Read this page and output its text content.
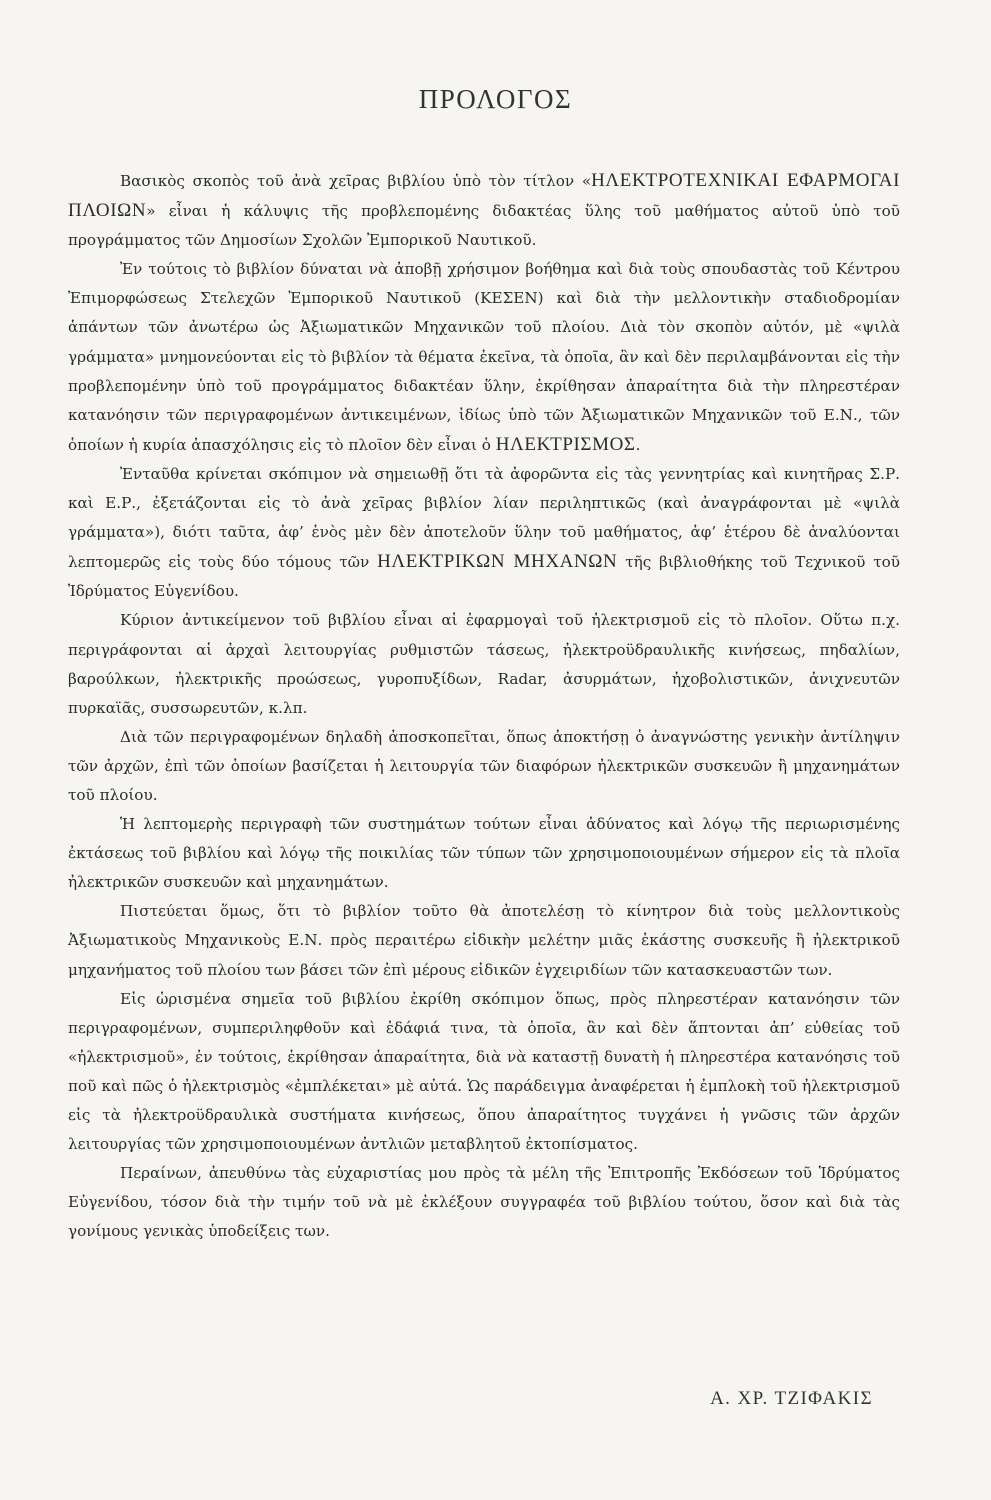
ΠΡΟΛΟΓΟΣ

Βασικὸς σκοπὸς τοῦ ἀνὰ χεῖρας βιβλίου ὑπὸ τὸν τίτλον «ΗΛΕΚΤΡΟΤΕΧΝΙΚΑΙ ΕΦΑΡΜΟΓΑΙ ΠΛΟΙΩΝ» εἶναι ἡ κάλυψις τῆς προβλεπομένης διδακτέας ὕλης τοῦ μαθήματος αὐτοῦ ὑπὸ τοῦ προγράμματος τῶν Δημοσίων Σχολῶν Ἐμπορικοῦ Ναυτικοῦ.

Ἐν τούτοις τὸ βιβλίον δύναται νὰ ἀποβῇ χρήσιμον βοήθημα καὶ διὰ τοὺς σπουδαστὰς τοῦ Κέντρου Ἐπιμορφώσεως Στελεχῶν Ἐμπορικοῦ Ναυτικοῦ (ΚΕΣΕΝ) καὶ διὰ τὴν μελλοντικὴν σταδιοδρομίαν ἁπάντων τῶν ἀνωτέρω ὡς Ἀξιωματικῶν Μηχανικῶν τοῦ πλοίου. Διὰ τὸν σκοπὸν αὐτόν, μὲ «ψιλὰ γράμματα» μνημονεύονται εἰς τὸ βιβλίον τὰ θέματα ἐκεῖνα, τὰ ὁποῖα, ἂν καὶ δὲν περιλαμβάνονται εἰς τὴν προβλεπομένην ὑπὸ τοῦ προγράμματος διδακτέαν ὕλην, ἐκρίθησαν ἀπαραίτητα διὰ τὴν πληρεστέραν κατανόησιν τῶν περιγραφομένων ἀντικειμένων, ἰδίως ὑπὸ τῶν Ἀξιωματικῶν Μηχανικῶν τοῦ Ε.Ν., τῶν ὁποίων ἡ κυρία ἀπασχόλησις εἰς τὸ πλοῖον δὲν εἶναι ὁ ΗΛΕΚΤΡΙΣΜΟΣ.

Ἐνταῦθα κρίνεται σκόπιμον νὰ σημειωθῇ ὅτι τὰ ἀφορῶντα εἰς τὰς γεννητρίας καὶ κινητῆρας Σ.Ρ. καὶ Ε.Ρ., ἐξετάζονται εἰς τὸ ἀνὰ χεῖρας βιβλίον λίαν περιληπτικῶς (καὶ ἀναγράφονται μὲ «ψιλὰ γράμματα»), διότι ταῦτα, ἀφ’ ἑνὸς μὲν δὲν ἀποτελοῦν ὕλην τοῦ μαθήματος, ἀφ’ ἑτέρου δὲ ἀναλύονται λεπτομερῶς εἰς τοὺς δύο τόμους τῶν ΗΛΕΚΤΡΙΚΩΝ ΜΗΧΑΝΩΝ τῆς βιβλιοθήκης τοῦ Τεχνικοῦ τοῦ Ἱδρύματος Εὐγενίδου.

Κύριον ἀντικείμενον τοῦ βιβλίου εἶναι αἱ ἐφαρμογαὶ τοῦ ἠλεκτρισμοῦ εἰς τὸ πλοῖον. Οὕτω π.χ. περιγράφονται αἱ ἀρχαὶ λειτουργίας ρυθμιστῶν τάσεως, ἠλεκτροϋδραυλικῆς κινήσεως, πηδαλίων, βαρούλκων, ἠλεκτρικῆς προώσεως, γυροπυξίδων, Radar, ἀσυρμάτων, ἠχοβολιστικῶν, ἀνιχνευτῶν πυρκαϊᾶς, συσσωρευτῶν, κ.λπ.

Διὰ τῶν περιγραφομένων δηλαδὴ ἀποσκοπεῖται, ὅπως ἀποκτήσῃ ὁ ἀναγνώστης γενικὴν ἀντίληψιν τῶν ἀρχῶν, ἐπὶ τῶν ὁποίων βασίζεται ἡ λειτουργία τῶν διαφόρων ἠλεκτρικῶν συσκευῶν ἢ μηχανημάτων τοῦ πλοίου.

Ἡ λεπτομερὴς περιγραφὴ τῶν συστημάτων τούτων εἶναι ἀδύνατος καὶ λόγῳ τῆς περιωρισμένης ἐκτάσεως τοῦ βιβλίου καὶ λόγῳ τῆς ποικιλίας τῶν τύπων τῶν χρησιμοποιουμένων σήμερον εἰς τὰ πλοῖα ἠλεκτρικῶν συσκευῶν καὶ μηχανημάτων.

Πιστεύεται ὅμως, ὅτι τὸ βιβλίον τοῦτο θὰ ἀποτελέσῃ τὸ κίνητρον διὰ τοὺς μελλοντικοὺς Ἀξιωματικοὺς Μηχανικοὺς Ε.Ν. πρὸς περαιτέρω εἰδικὴν μελέτην μιᾶς ἑκάστης συσκευῆς ἢ ἠλεκτρικοῦ μηχανήματος τοῦ πλοίου των βάσει τῶν ἐπὶ μέρους εἰδικῶν ἐγχειριδίων τῶν κατασκευαστῶν των.

Εἰς ὡρισμένα σημεῖα τοῦ βιβλίου ἐκρίθη σκόπιμον ὅπως, πρὸς πληρεστέραν κατανόησιν τῶν περιγραφομένων, συμπεριληφθοῦν καὶ ἐδάφιά τινα, τὰ ὁποῖα, ἂν καὶ δὲν ἅπτονται ἀπ’ εὐθείας τοῦ «ἠλεκτρισμοῦ», ἐν τούτοις, ἐκρίθησαν ἀπαραίτητα, διὰ νὰ καταστῇ δυνατὴ ἡ πληρεστέρα κατανόησις τοῦ ποῦ καὶ πῶς ὁ ἠλεκτρισμὸς «ἐμπλέκεται» μὲ αὐτά. Ὡς παράδειγμα ἀναφέρεται ἡ ἐμπλοκὴ τοῦ ἠλεκτρισμοῦ εἰς τὰ ἠλεκτροϋδραυλικὰ συστήματα κινήσεως, ὅπου ἀπαραίτητος τυγχάνει ἡ γνῶσις τῶν ἀρχῶν λειτουργίας τῶν χρησιμοποιουμένων ἀντλιῶν μεταβλητοῦ ἐκτοπίσματος.

Περαίνων, ἀπευθύνω τὰς εὐχαριστίας μου πρὸς τὰ μέλη τῆς Ἐπιτροπῆς Ἐκδόσεων τοῦ Ἱδρύματος Εὐγενίδου, τόσον διὰ τὴν τιμήν τοῦ νὰ μὲ ἐκλέξουν συγγραφέα τοῦ βιβλίου τούτου, ὅσον καὶ διὰ τὰς γονίμους γενικὰς ὑποδείξεις των.

Α. ΧΡ. ΤΖΙΦΑΚΙΣ
